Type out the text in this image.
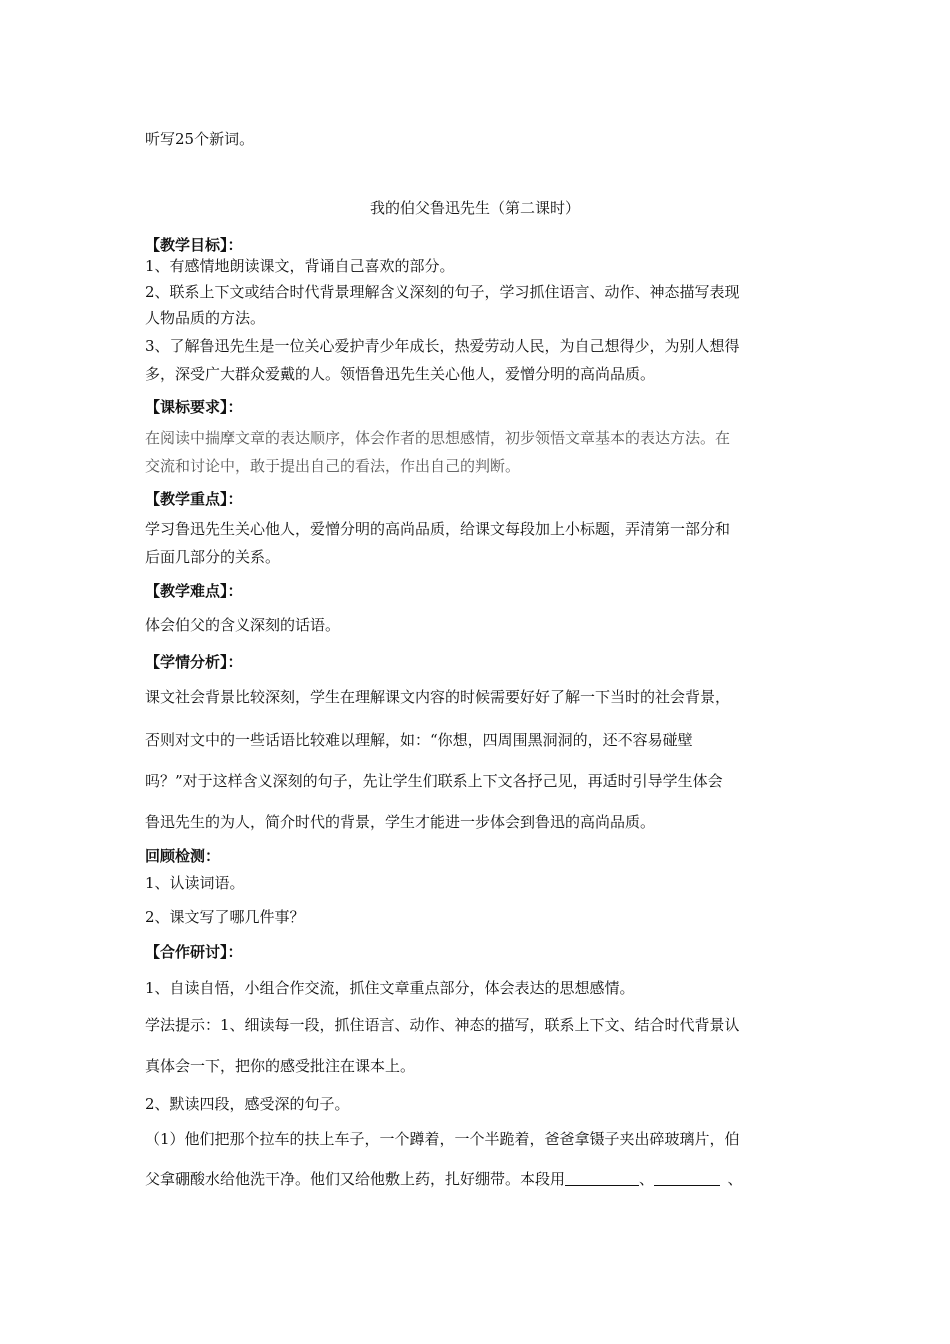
听写25个新词。
我的伯父鲁迅先生（第二课时）
【教学目标】：
1、有感情地朗读课文，背诵自己喜欢的部分。
2、联系上下文或结合时代背景理解含义深刻的句子，学习抓住语言、动作、神态描写表现
人物品质的方法。
3、了解鲁迅先生是一位关心爱护青少年成长，热爱劳动人民，为自己想得少，为别人想得
多，深受广大群众爱戴的人。领悟鲁迅先生关心他人，爱憎分明的高尚品质。
【课标要求】：
在阅读中揣摩文章的表达顺序，体会作者的思想感情，初步领悟文章基本的表达方法。在
交流和讨论中，敢于提出自己的看法，作出自己的判断。
【教学重点】：
学习鲁迅先生关心他人，爱憎分明的高尚品质，给课文每段加上小标题，弄清第一部分和
后面几部分的关系。
【教学难点】：
体会伯父的含义深刻的话语。
【学情分析】：
课文社会背景比较深刻，学生在理解课文内容的时候需要好好了解一下当时的社会背景，
否则对文中的一些话语比较难以理解，如：“你想，四周围黑洞洞的，还不容易碰壁
吗？”对于这样含义深刻的句子，先让学生们联系上下文各抒己见，再适时引导学生体会
鲁迅先生的为人，简介时代的背景，学生才能进一步体会到鲁迅的高尚品质。
回顾检测：
1、认读词语。
2、课文写了哪几件事？
【合作研讨】：
1、自读自悟，小组合作交流，抓住文章重点部分，体会表达的思想感情。
学法提示：1、细读每一段，抓住语言、动作、神态的描写，联系上下文、结合时代背景认
真体会一下，把你的感受批注在课本上。
2、默读四段，感受深的句子。
（1）他们把那个拉车的扶上车子，一个蹲着，一个半跪着，爸爸拿镊子夹出碎玻璃片，伯
父拿硼酸水给他洗干净。他们又给他敷上药，扎好绷带。本段用	、 	、
